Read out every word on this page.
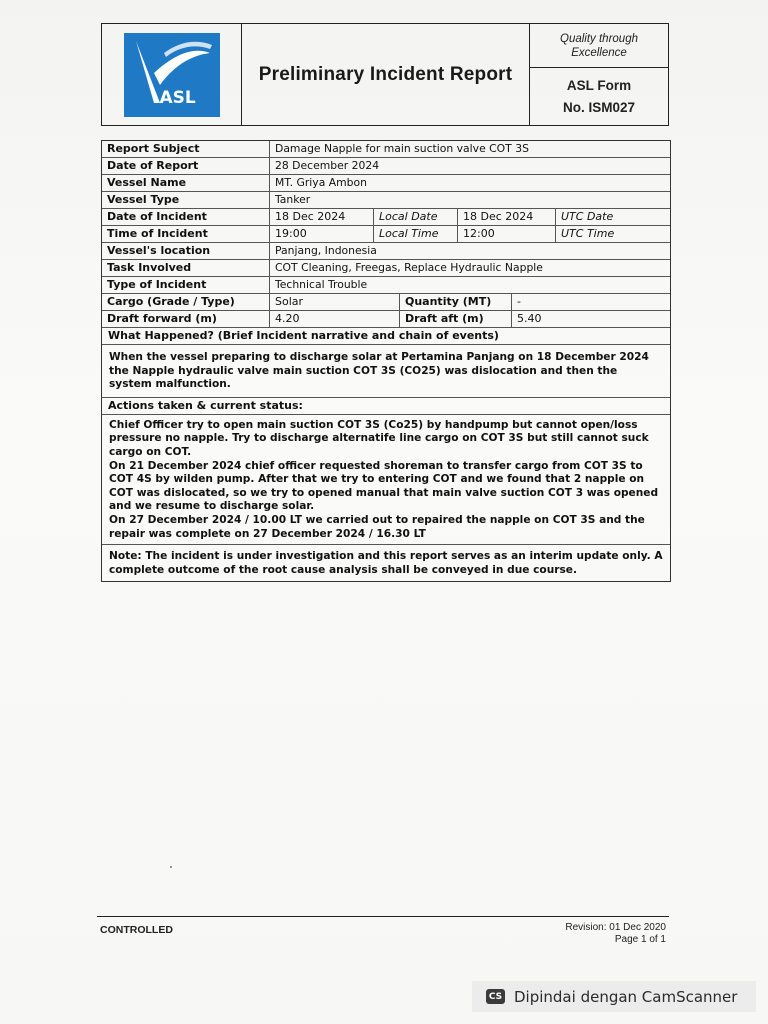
ASL
Preliminary Incident Report
Quality through
Excellence
ASL Form
No. ISM027
Report Subject	Damage Napple for main suction valve COT 3S
Date of Report	28 December 2024
Vessel Name	MT. Griya Ambon
Vessel Type	Tanker
Date of Incident	18 Dec 2024	Local Date	18 Dec 2024	UTC Date
Time of Incident	19:00	Local Time	12:00	UTC Time
Vessel's location	Panjang, Indonesia
Task Involved	COT Cleaning, Freegas, Replace Hydraulic Napple
Type of Incident	Technical Trouble
Cargo (Grade / Type)	Solar	Quantity (MT)	-
Draft forward (m)	4.20	Draft aft (m)	5.40
What Happened? (Brief Incident narrative and chain of events)

When the vessel preparing to discharge solar at Pertamina Panjang on 18 December 2024 the Napple hydraulic valve main suction COT 3S (CO25) was dislocation and then the system malfunction.

Actions taken & current status:

Chief Officer try to open main suction COT 3S (Co25) by handpump but cannot open/loss pressure no napple. Try to discharge alternatife line cargo on COT 3S but still cannot suck cargo on COT.

On 21 December 2024 chief officer requested shoreman to transfer cargo from COT 3S to COT 4S by wilden pump. After that we try to entering COT and we found that 2 napple on COT was dislocated, so we try to opened manual that main valve suction COT 3 was opened and we resume to discharge solar.

On 27 December 2024 / 10.00 LT we carried out to repaired the napple on COT 3S and the repair was complete on 27 December 2024 / 16.30 LT

Note: The incident is under investigation and this report serves as an interim update only. A complete outcome of the root cause analysis shall be conveyed in due course.

CONTROLLED	Revision: 01 Dec 2020
Page 1 of 1
CS Dipindai dengan CamScanner
